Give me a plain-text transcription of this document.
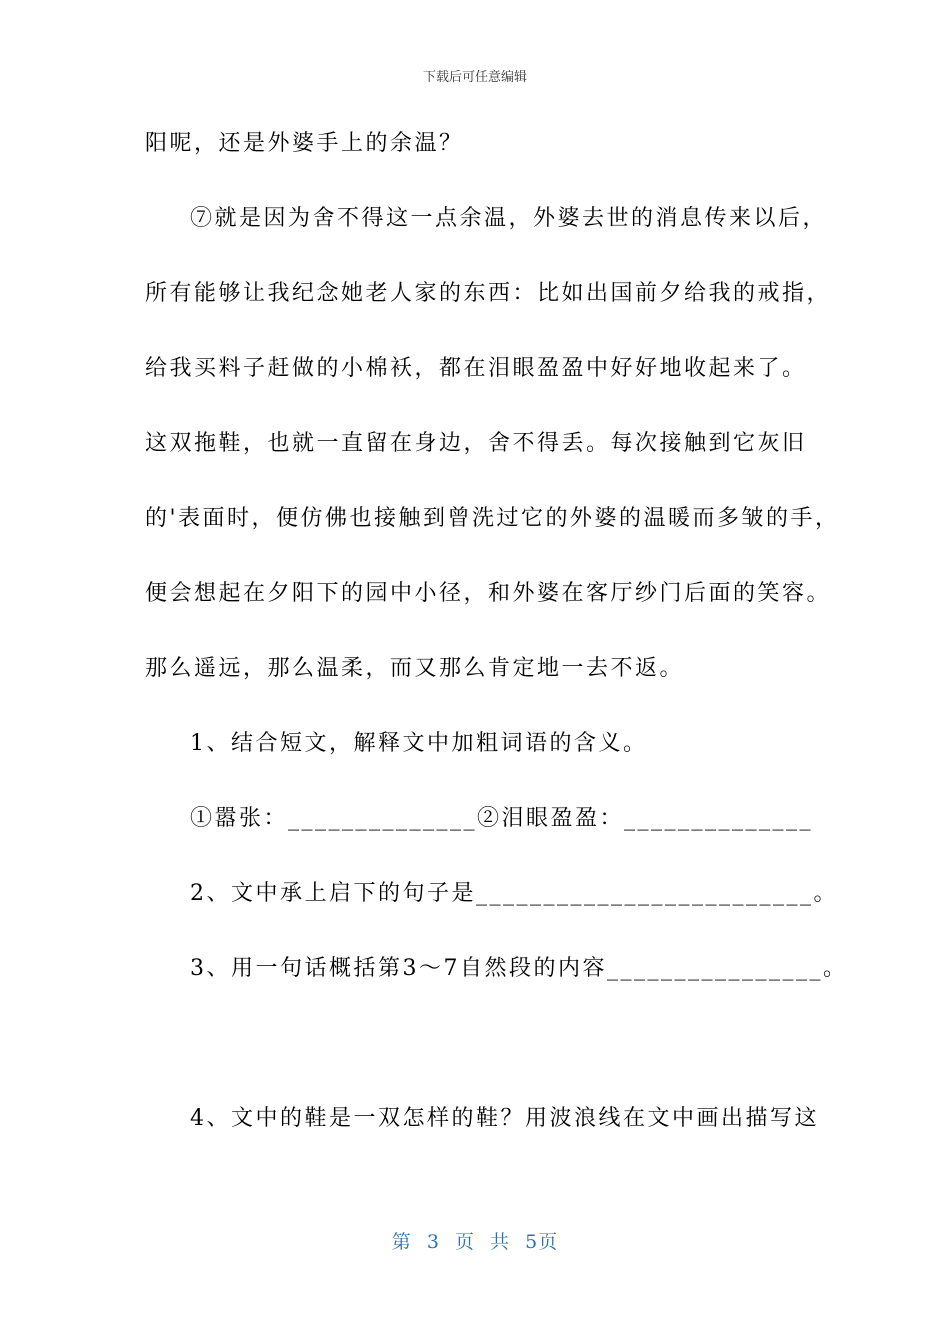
下载后可任意编辑
阳呢，还是外婆手上的余温？
⑦就是因为舍不得这一点余温，外婆去世的消息传来以后，
所有能够让我纪念她老人家的东西：比如出国前夕给我的戒指，
给我买料子赶做的小棉袄，都在泪眼盈盈中好好地收起来了。
这双拖鞋，也就一直留在身边，舍不得丢。每次接触到它灰旧
的'表面时，便仿佛也接触到曾洗过它的外婆的温暖而多皱的手，
便会想起在夕阳下的园中小径，和外婆在客厅纱门后面的笑容。
那么遥远，那么温柔，而又那么肯定地一去不返。
1、结合短文，解释文中加粗词语的含义。
①嚣张：______________②泪眼盈盈：______________
2、文中承上启下的句子是_________________________。
3、用一句话概括第3～7自然段的内容________________。
4、文中的鞋是一双怎样的鞋？用波浪线在文中画出描写这
第 3 页 共 5页
